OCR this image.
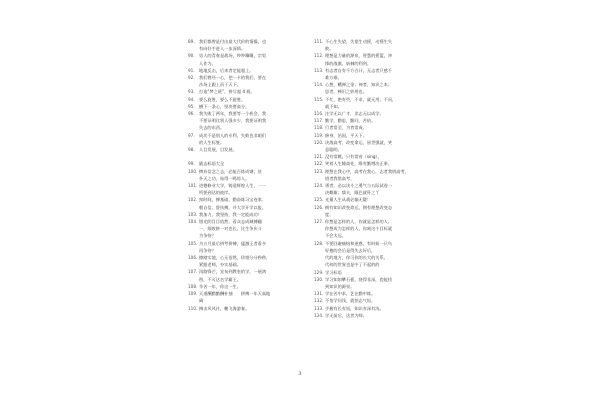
89.	我们都曾是付出最大代价的情操，也
有向好手进入一步深情。
90.	男人的青春是战场，吵吵嚷嚷，宗男
人作为。
91.	地地反击，后来者定能超上。
92.	我们曾经一心，把一卡的我们，要在
沙场上跟上而于天下。
93.	打造“梦之班”，拼尽超 4 班。
94.	要么旋胜，要么不旋胜。
95.	横下一条心，坚决要高分。
96.	我失败了两年，我要等一个机会，我
不要证明比别人强多少，我要证明我
失去的东西。
97.	成功不是别人的专利，失败也非咱们
的人生标签。
98.	人目发展，目发展。
99.	励志标语大全
100. 攒弃信念之志，必能百炼成钢；驻
扑天之功，始得一鸣惊人。
101. 进德修业大学，铸造辉煌人生，一一
所要到达的彼岸。
102. 扣时间，搏基础，勤奋练习宝卷家；
朝自信，督扶搏，并大学开学以报。
103. 我加力，我坚持，我一定能成功！
104. 错光阴目目依然，看众志成城搏翻
一，细收拼一对也长，比生争庆斗
为争待？
105. 为五月最后拼考拼搏，猛激王者看多
再争待？
106. 擦踏实地，心无俗熬，珍惜分分秒秒，
紧跟老师，夯实基础。
107. 再路锋芒，宣布到教室的学，一展鸿
图，不可达名学霸王。
108. 辛苦一年，你这一生。
109. 天道酬勤勤酬补抽　　拼搏一年天高地
阔
110. 搏击风风社，鹏飞海游春。
111. 不心生失望，失望生动摇，动摇生失
败。
112. 理想是力量的源泉，智慧的摇篮，冲
锋的战旗，斩棘的利剑。
113. 有志者自有千方百计，无志者只感千
难万难。
114. 心想，糟弹之金；神者，知识之本；
思者，棒识之妙用也。
115. 不忙，绝有些，不求，就无用；不问，
就不知。
116. 注学无以广才，非志无以成学。
117. 勤学，勤思，勤问，苦钻。
118. 行者常至，为者常成。
119. 修身，治国，平天下。
120. 决战高考，改变命运，屈世强就，笑
意聪明。
121. 没有常跳，只有常省（sing）。
122. 笑着人生睡高处，唯有勤增决正果。
123. 理想在我心中，高考在我心，志者我惜高考，
惜者我惜高考。
124. 勇者，必以决斗之勇气与五际试卷一
决雌雄；懦夫，眼巴就歼之丫
125. 光量人生从战必输无疑！
126. 拥有知识改变命运，拥有理想改变态
度。
127. 你想是怎样的人，你就是怎样的人；
你想成为怎样的人，你离这个目标就
不会太远。
128. 不要回避痛恼和迷惑，有时候一只鸟
好抱的会后是得失去好后，
代的地方，你可你的长大的关系。
代何的世界也是中了不起的的
129. 学习标语
130. 学习知如攀石板，绕得非深，瓷能找
到知识的源泉。
131. 学在苦中求，艺在勤中练。
132. 不怕学问浅，就怕志气短。
133. 手握有长有短，知识有深有浅。
134. 学无前后，达者为师。
3
